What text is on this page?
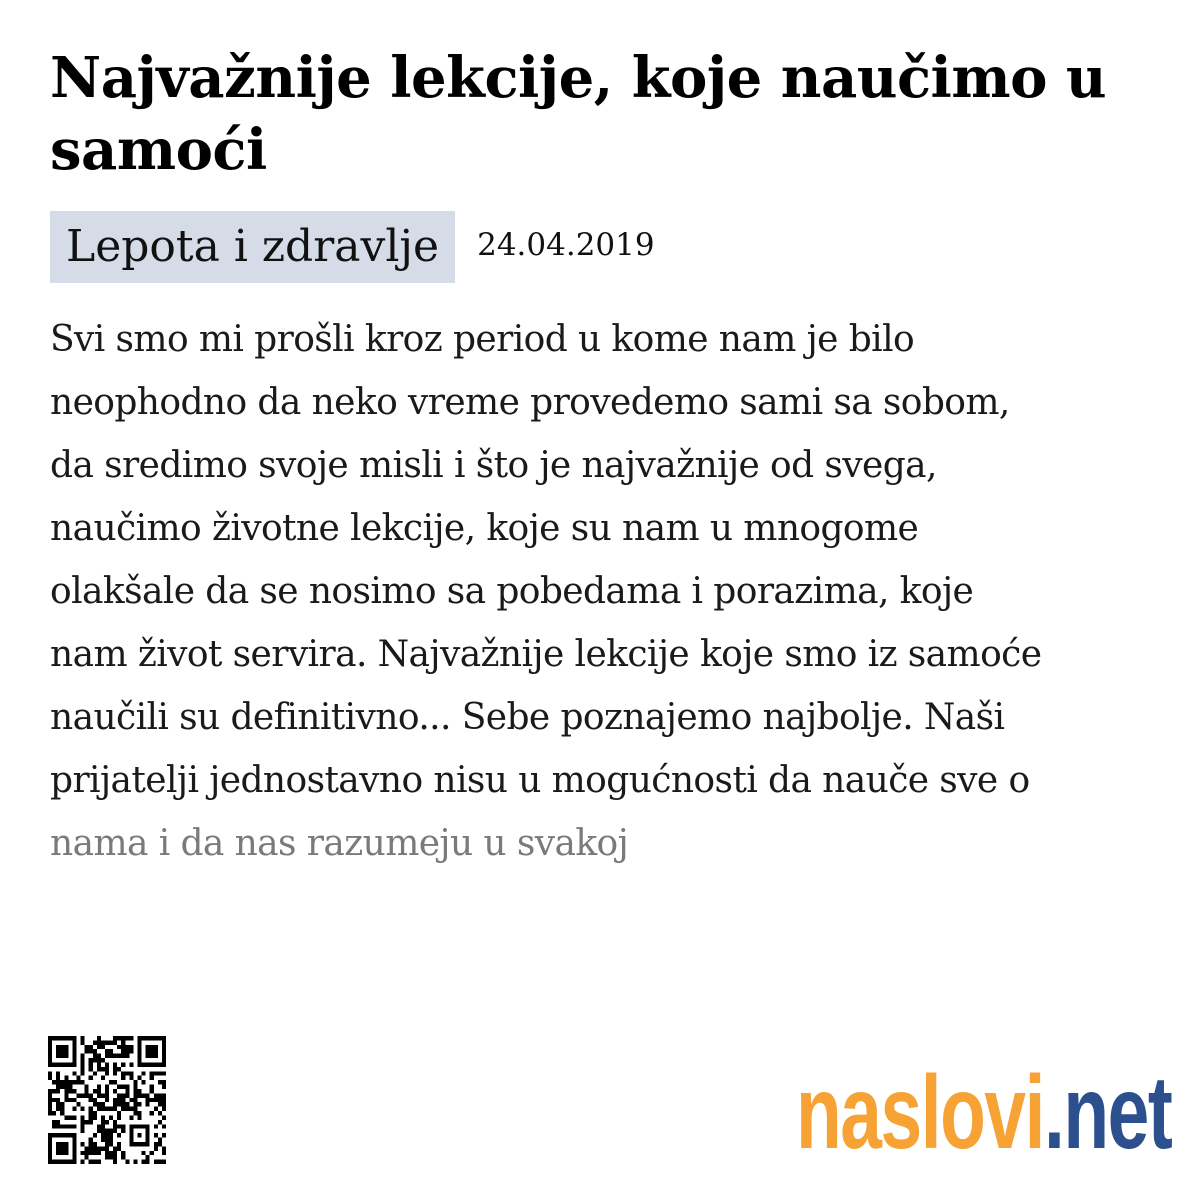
Najvažnije lekcije, koje naučimo u samoći
Lepota i zdravlje	24.04.2019
Svi smo mi prošli kroz period u kome nam je bilo
neophodno da neko vreme provedemo sami sa sobom,
da sredimo svoje misli i što je najvažnije od svega,
naučimo životne lekcije, koje su nam u mnogome
olakšale da se nosimo sa pobedama i porazima, koje
nam život servira. Najvažnije lekcije koje smo iz samoće
naučili su definitivno... Sebe poznajemo najbolje. Naši
prijatelji jednostavno nisu u mogućnosti da nauče sve o
nama i da nas razumeju u svakoj
naslovi.net
